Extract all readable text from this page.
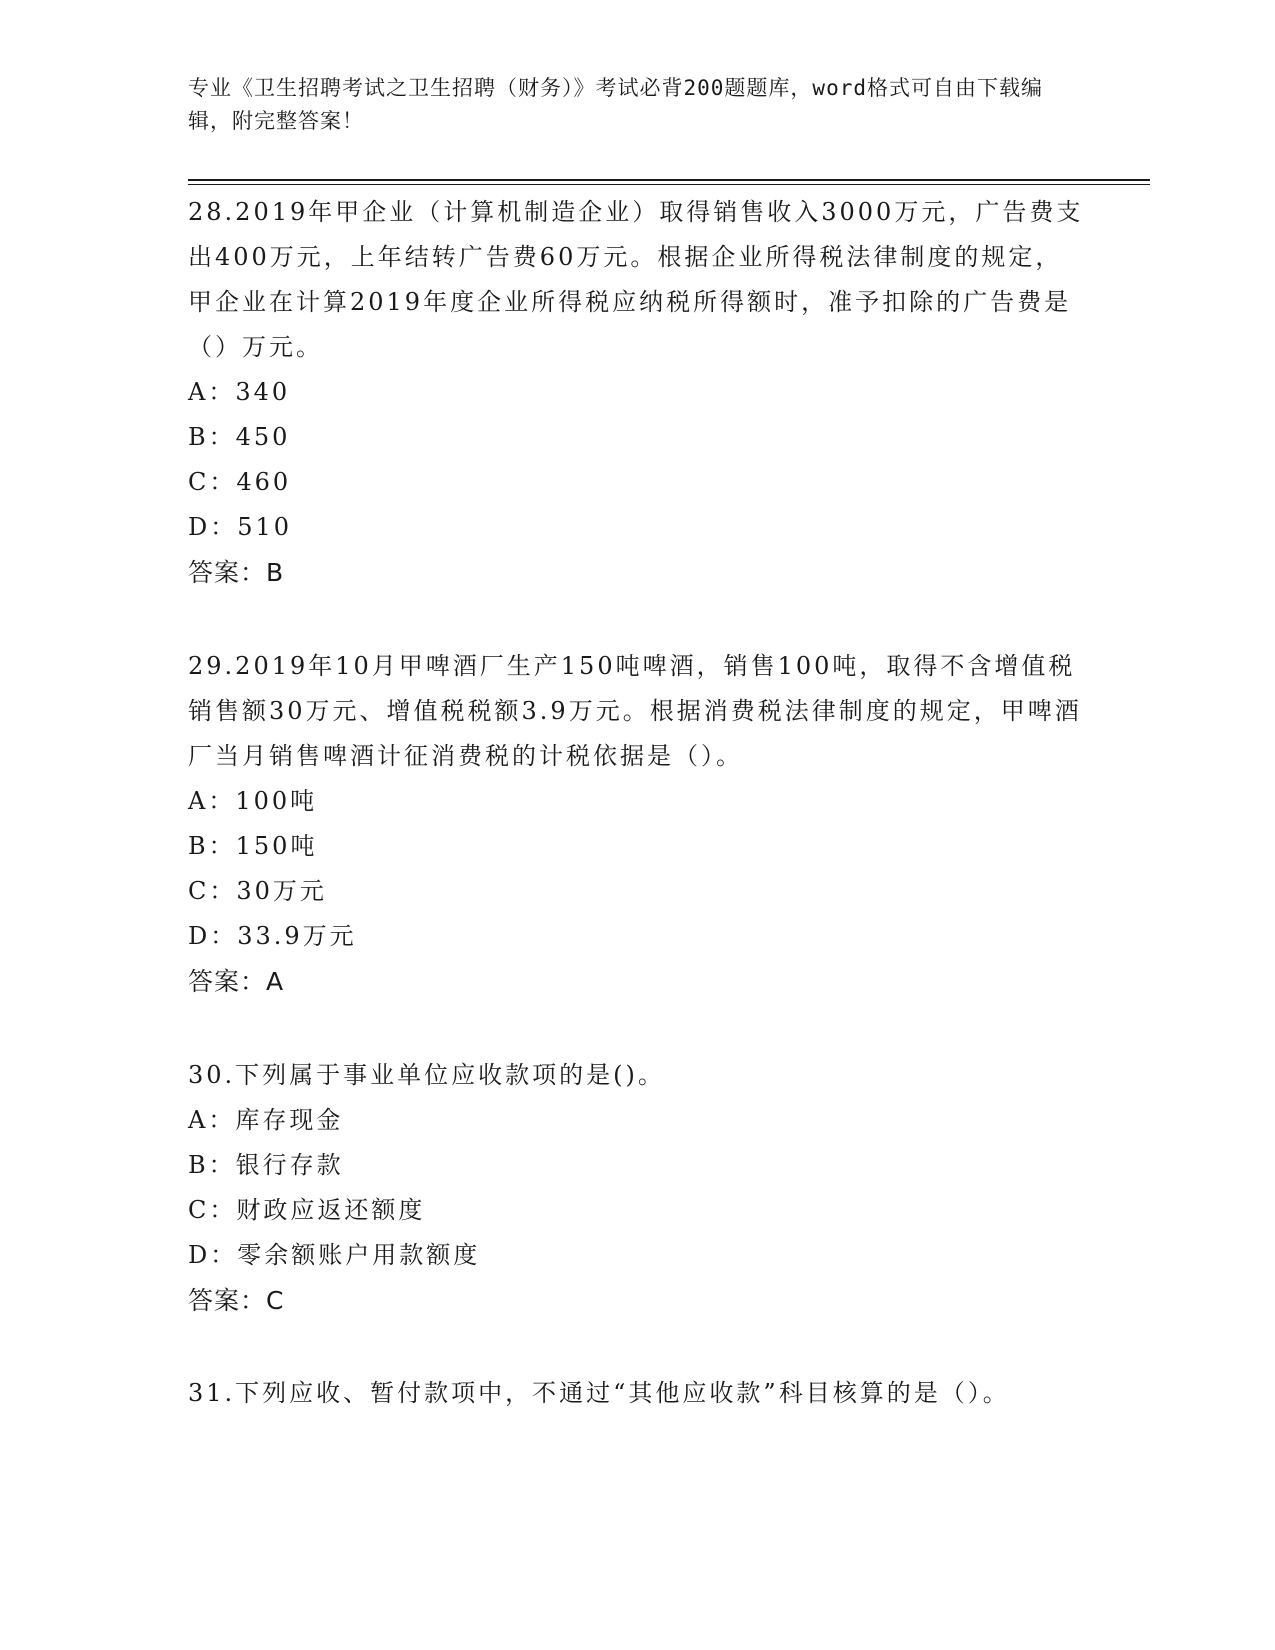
专业《卫生招聘考试之卫生招聘（财务）》考试必背200题题库，word格式可自由下载编辑，附完整答案！
28.2019年甲企业（计算机制造企业）取得销售收入3000万元，广告费支出400万元，上年结转广告费60万元。根据企业所得税法律制度的规定，甲企业在计算2019年度企业所得税应纳税所得额时，准予扣除的广告费是（）万元。
A：340
B：450
C：460
D：510
答案：B
29.2019年10月甲啤酒厂生产150吨啤酒，销售100吨，取得不含增值税销售额30万元、增值税税额3.9万元。根据消费税法律制度的规定，甲啤酒厂当月销售啤酒计征消费税的计税依据是（）。
A：100吨
B：150吨
C：30万元
D：33.9万元
答案：A
30.下列属于事业单位应收款项的是()。
A：库存现金
B：银行存款
C：财政应返还额度
D：零余额账户用款额度
答案：C
31.下列应收、暂付款项中，不通过“其他应收款”科目核算的是（）。
